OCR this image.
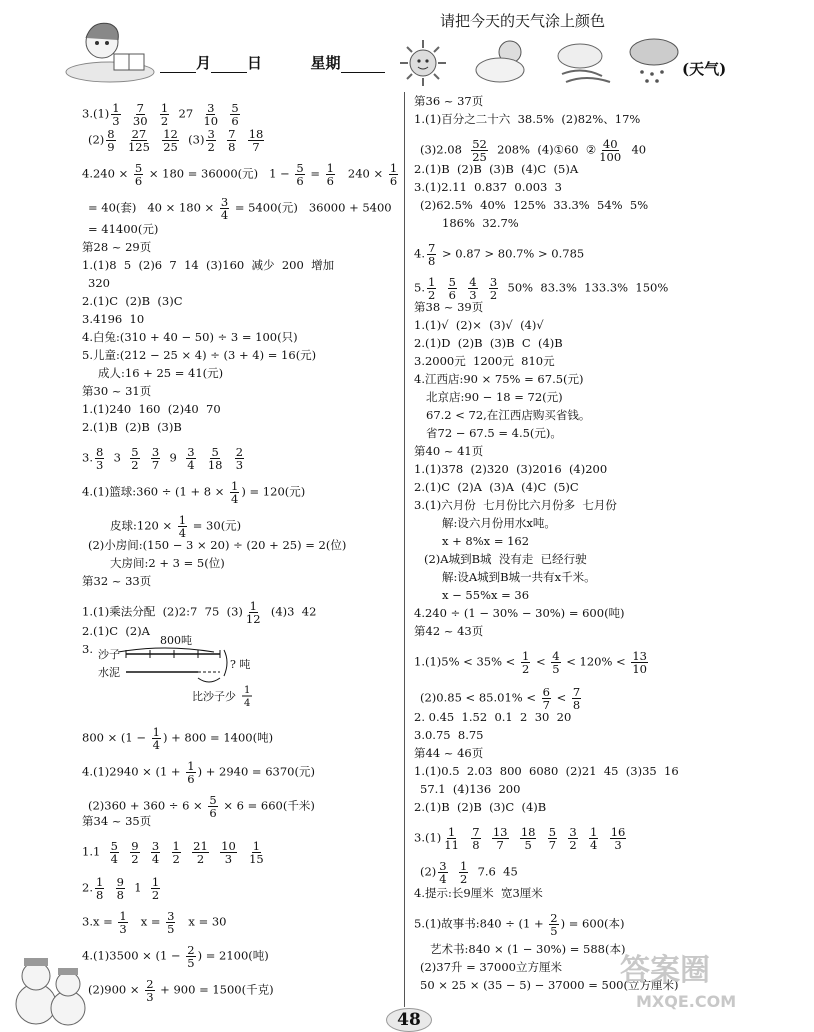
请把今天的天气涂上颜色
月 日	星期	(天气)
$3.(1) \frac{1}{3}$
$\frac{7}{30}$
$\frac{1}{2} 27 \frac{3}{10}$
$\frac{5}{6}$
$(2) \frac{8}{9}$
$\frac{27}{125}$
$\frac{12}{25} (3) \frac{3}{2}$
$\frac{7}{8}$
$\frac{18}{7}$
$4.240 \times \frac{5}{6} \times 180 = 36000$(元)   $1 - \frac{5}{6} = \frac{1}{6} 240 \times \frac{1}{6}$
= 40(套)   $40 \times 180 \times \frac{3}{4} = 5400$(元)   36000 + 5400
= 41400(元)
第28 ~ 29页
1.(1)8  5  (2)6  7  14  (3)160  减少  200  增加
320
2.(1)C  (2)B  (3)C
3.4196  10
4.白兔:(310 + 40 − 50) ÷ 3 = 100(只)
5.儿童:(212 − 25 × 4) ÷ (3 + 4) = 16(元)
成人:16 + 25 = 41(元)
第30 ~ 31页
1.(1)240  160  (2)40  70
2.(1)B  (2)B  (3)B
3. $\frac{8}{3} 3 \frac{5}{2}$
$\frac{3}{7} 9 \frac{3}{4}$
$\frac{5}{18}$
$\frac{2}{3}$
4.(1)篮球:360 ÷ ($1 + 8 \times \frac{1}{4}$ ) = 120(元)
皮球:120 × $\frac{1}{4} = 30$(元)
(2)小房间:(150 − 3 × 20) ÷ (20 + 25) = 2(位)
大房间:2 + 3 = 5(位)
第32 ~ 33页
1.(1)乘法分配  (2)2:7  75  $(3) \frac{1}{12} (4)3$  42
2.(1)C  (2)A
3.
$800 \times (1 - \frac{1}{4}$ ) + 800 = 1400(吨)
$4.(1)2940 \times (1 + \frac{1}{6}$ ) + 2940 = 6370(元)
$(2)360 + 360 \div 6 \times \frac{5}{6} \times 6 = 660$(千米)
第34 ~ 35页
$1.1 \frac{5}{4}$
$\frac{9}{2}$
$\frac{3}{4}$
$\frac{1}{2}$
$\frac{21}{2}$
$\frac{10}{3}$
$\frac{1}{15}$
2. $\frac{1}{8}$
$\frac{9}{8} 1 \frac{1}{2}$
$3.x = \frac{1}{3}$ $x = \frac{3}{5}$ x = 30
$4.(1)3500 \times (1 - \frac{2}{5}$ ) = 2100(吨)
$(2)900 \times \frac{2}{3} + 900 = 1500$(千克)
第36 ~ 37页
1.(1)百分之二十六  38.5%  (2)82%、17%
$(3)2.08 \frac{52}{25} 208\%$  (4)①60  ② $\frac{40}{100} 40$
2.(1)B  (2)B  (3)B  (4)C  (5)A
3.(1)2.11  0.837  0.003  3
(2)62.5%  40%  125%  33.3%  54%  5%
186%  32.7%
4. $\frac{7}{8} > 0.87 > 80.7\% > 0.785$
5. $\frac{1}{2}$
$\frac{5}{6}$
$\frac{4}{3}$
$\frac{3}{2} 50\%$  83.3%  133.3%  150%
第38 ~ 39页
1.(1)√  (2)×  (3)√  (4)√
2.(1)D  (2)B  (3)B  C  (4)B
3.2000元  1200元  810元
4.江西店:90 × 75% = 67.5(元)
北京店:90 − 18 = 72(元)
67.2 < 72,在江西店购买省钱。
省72 − 67.5 = 4.5(元)。
第40 ~ 41页
1.(1)378  (2)320  (3)2016  (4)200
2.(1)C  (2)A  (3)A  (4)C  (5)C
3.(1)六月份  七月份比六月份多  七月份
解:设六月份用水x吨。
x + 8%x = 162
(2)A城到B城  没有走  已经行驶
解:设A城到B城一共有x千米。
x − 55%x = 36
4.240 ÷ (1 − 30% − 30%) = 600(吨)
第42 ~ 43页
$1.(1)5\% < 35\% < \frac{1}{2} < \frac{4}{5} < 120\% < \frac{13}{10}$
$(2)0.85 < 85.01\% < \frac{6}{7} < \frac{7}{8}$
2. 0.45  1.52  0.1  2  30  20
3.0.75  8.75
第44 ~ 46页
1.(1)0.5  2.03  800  6080  (2)21  45  (3)35  16
57.1  (4)136  200
2.(1)B  (2)B  (3)C  (4)B
$3.(1) \frac{1}{11}$
$\frac{7}{8}$
$\frac{13}{7}$
$\frac{18}{5}$
$\frac{5}{7}$
$\frac{3}{2}$
$\frac{1}{4}$
$\frac{16}{3}$
$(2) \frac{3}{4}$
$\frac{1}{2} 7.6$  45
4.提示:长9厘米  宽3厘米
5.(1)故事书:840 ÷ ($1 + \frac{2}{5}$ ) = 600(本)
艺术书:840 × (1 − 30%) = 588(本)
(2)37升 = 37000立方厘米
50 × 25 × (35 − 5) − 37000 = 500(立方厘米)
800吨
沙子
水泥
? 吨
比沙子少 1
4
48
答案圈
MXQE.COM
